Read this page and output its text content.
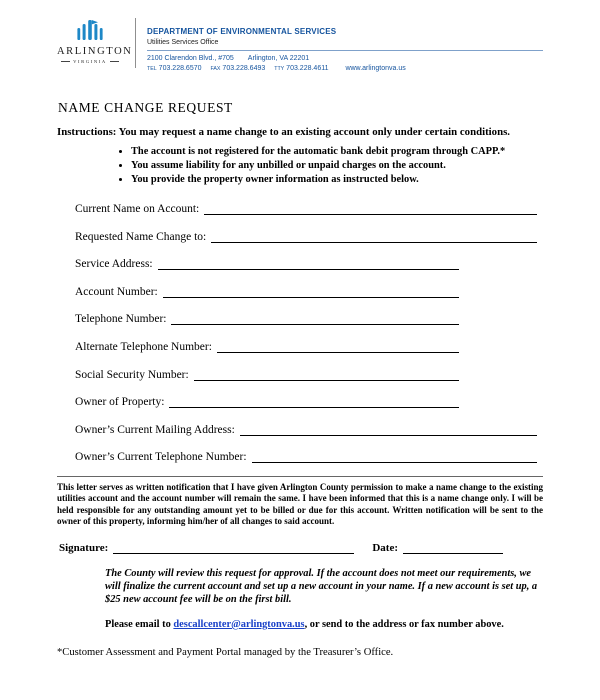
ARLINGTON
VIRGINIA
DEPARTMENT OF ENVIRONMENTAL SERVICES
Utilities Services Office
2100 Clarendon Blvd., #705 Arlington, VA 22201
TEL 703.228.6570 FAX 703.228.6493 TTY 703.228.4611 www.arlingtonva.us
NAME CHANGE REQUEST

Instructions: You may request a name change to an existing account only under certain conditions.

• The account is not registered for the automatic bank debit program through CAPP.*
• You assume liability for any unbilled or unpaid charges on the account.
• You provide the property owner information as instructed below.
Current Name on Account:
Requested Name Change to:
Service Address:
Account Number:
Telephone Number:
Alternate Telephone Number:
Social Security Number:
Owner of Property:
Owner’s Current Mailing Address:
Owner’s Current Telephone Number:

This letter serves as written notification that I have given Arlington County permission to make a name change to the existing utilities account and the account number will remain the same. I have been informed that this is a name change only. I will be held responsible for any outstanding amount yet to be billed or due for this account. Written notification will be sent to the owner of this property, informing him/her of all changes to said account.

Signature:	Date:

The County will review this request for approval. If the account does not meet our requirements, we will finalize the current account and set up a new account in your name. If a new account is set up, a $25 new account fee will be on the first bill.

Please email to descallcenter@arlingtonva.us, or send to the address or fax number above.

*Customer Assessment and Payment Portal managed by the Treasurer’s Office.
